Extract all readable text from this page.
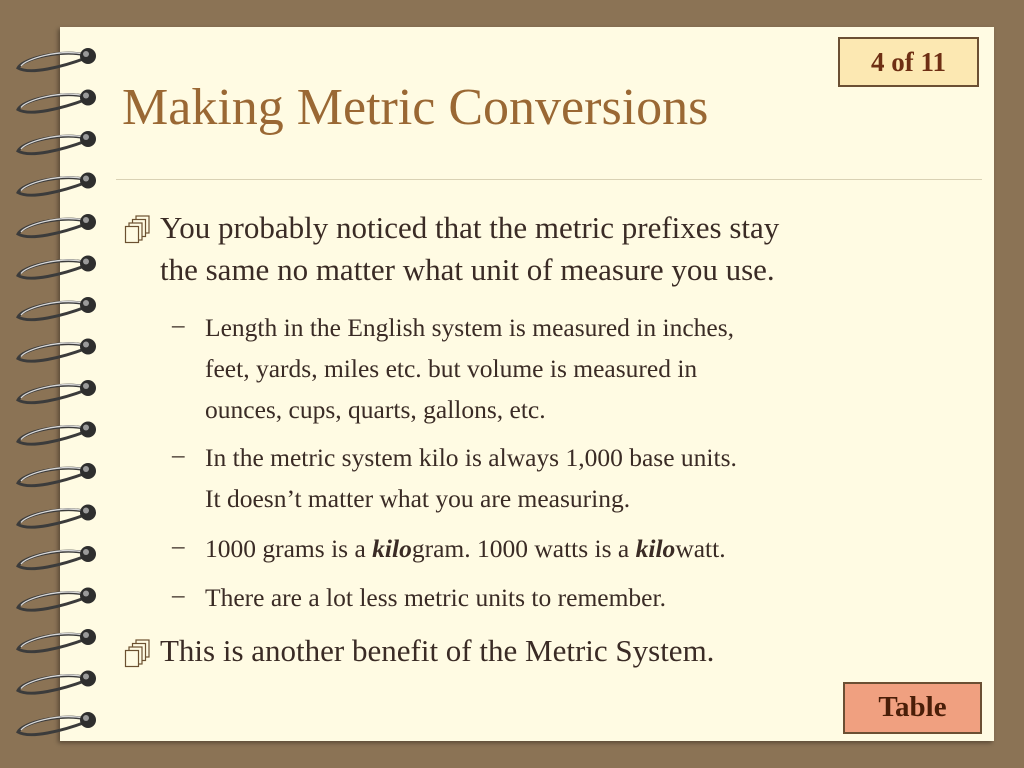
4 of 11
Making Metric Conversions
You probably noticed that the metric prefixes stay
the same no matter what unit of measure you use.
– Length in the English system is measured in inches,
feet, yards, miles etc. but volume is measured in
ounces, cups, quarts, gallons, etc.
– In the metric system kilo is always 1,000 base units.
It doesn’t matter what you are measuring.
– 1000 grams is a kilogram. 1000 watts is a kilowatt.
– There are a lot less metric units to remember.
This is another benefit of the Metric System.
Table
